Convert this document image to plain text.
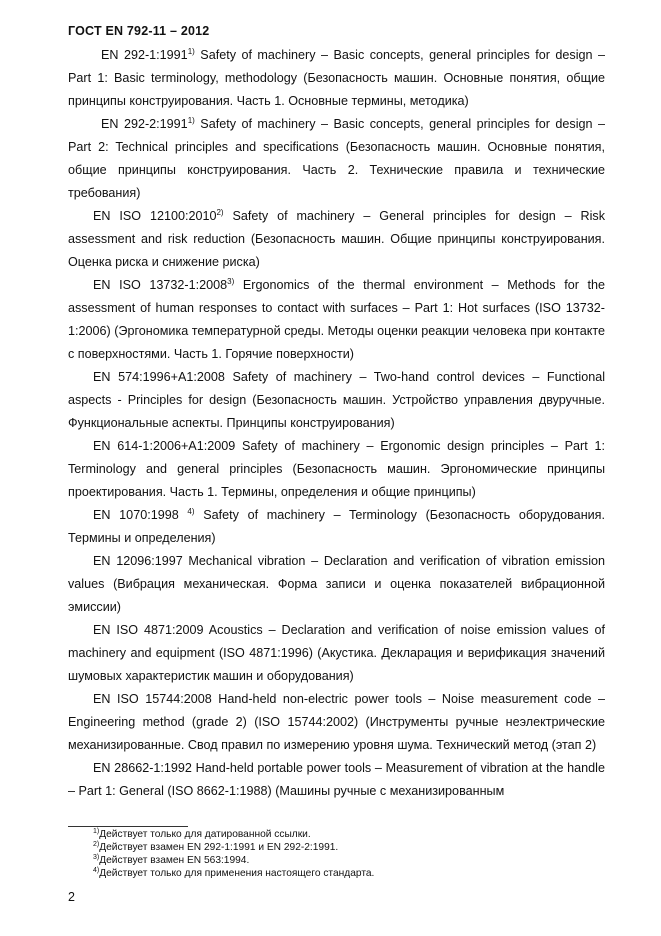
ГОСТ EN 792-11 – 2012

EN 292-1:1991$^{1)}$ Safety of machinery – Basic concepts, general principles for design – Part 1: Basic terminology, methodology (Безопасность машин. Основные понятия, общие принципы конструирования. Часть 1. Основные термины, методика)

EN 292-2:1991$^{1)}$ Safety of machinery – Basic concepts, general principles for design – Part 2: Technical principles and specifications (Безопасность машин. Основные понятия, общие принципы конструирования. Часть 2. Технические правила и технические требования)

EN ISO 12100:2010$^{2)}$ Safety of machinery – General principles for design – Risk assessment and risk reduction (Безопасность машин. Общие принципы конструирования. Оценка риска и снижение риска)

EN ISO 13732-1:2008$^{3)}$ Ergonomics of the thermal environment – Methods for the assessment of human responses to contact with surfaces – Part 1: Hot surfaces (ISO 13732-1:2006) (Эргономика температурной среды. Методы оценки реакции человека при контакте с поверхностями. Часть 1. Горячие поверхности)

EN 574:1996+A1:2008 Safety of machinery – Two-hand control devices – Functional aspects - Principles for design (Безопасность машин. Устройство управления двуручные. Функциональные аспекты. Принципы конструирования)

EN 614-1:2006+A1:2009 Safety of machinery – Ergonomic design principles – Part 1: Terminology and general principles (Безопасность машин. Эргономические принципы проектирования. Часть 1. Термины, определения и общие принципы)

EN 1070:1998 $^{4)}$ Safety of machinery – Terminology (Безопасность оборудования. Термины и определения)

EN 12096:1997 Mechanical vibration – Declaration and verification of vibration emission values (Вибрация механическая. Форма записи и оценка показателей вибрационной эмиссии)

EN ISO 4871:2009 Acoustics – Declaration and verification of noise emission values of machinery and equipment (ISO 4871:1996) (Акустика. Декларация и верификация значений шумовых характеристик машин и оборудования)

EN ISO 15744:2008 Hand-held non-electric power tools – Noise measurement code – Engineering method (grade 2) (ISO 15744:2002) (Инструменты ручные неэлектрические механизированные. Свод правил по измерению уровня шума. Технический метод (этап 2)

EN 28662-1:1992 Hand-held portable power tools – Measurement of vibration at the handle – Part 1: General (ISO 8662-1:1988) (Машины ручные с механизированным

$^{1)}$Действует только для датированной ссылки.
$^{2)}$Действует взамен EN 292-1:1991 и EN 292-2:1991.
$^{3)}$Действует взамен EN 563:1994.
$^{4)}$Действует только для применения настоящего стандарта.
2
